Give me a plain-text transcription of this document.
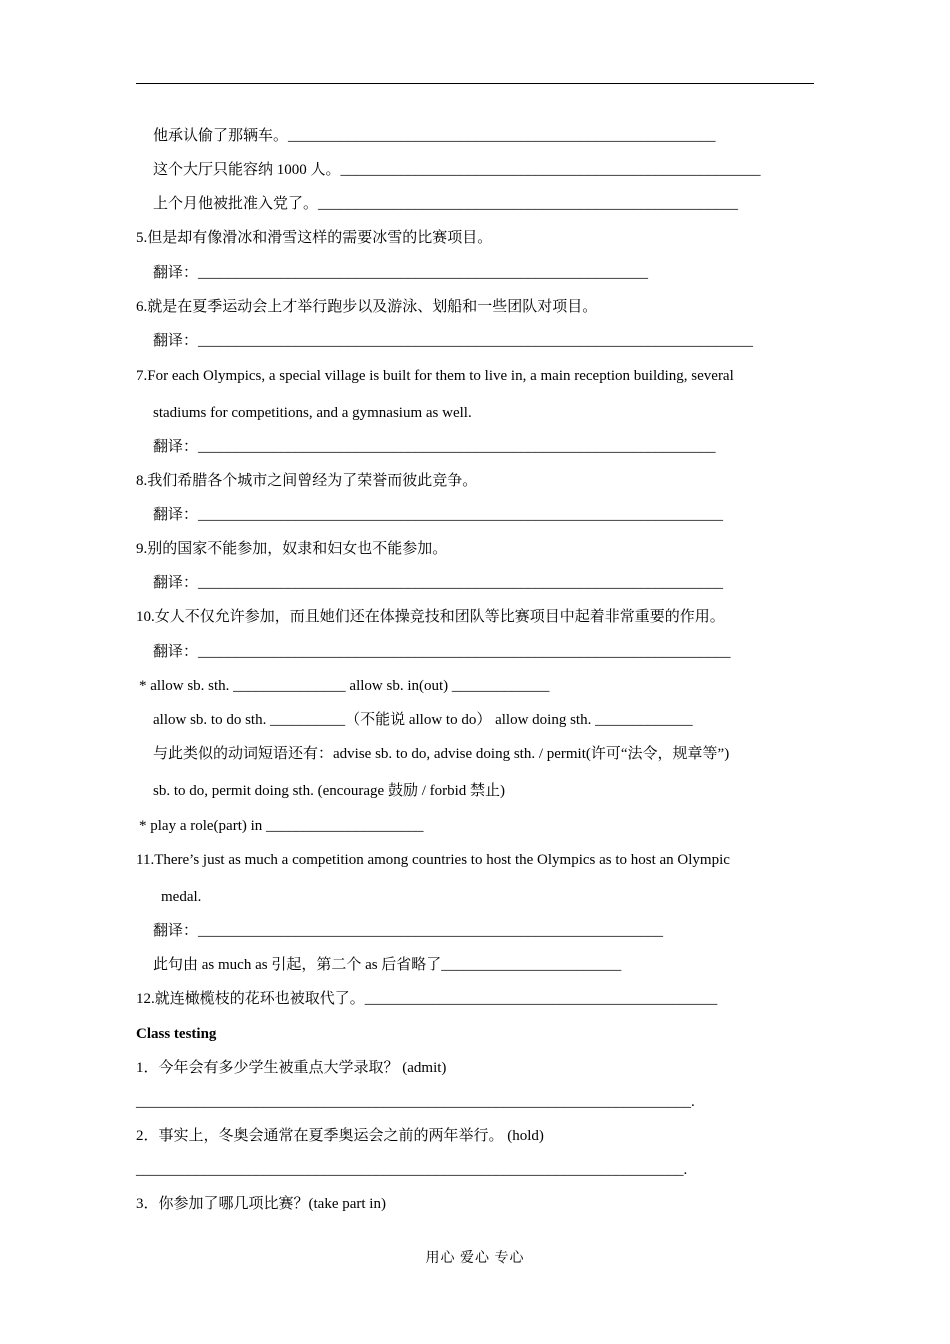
他承认偷了那辆车。_________________________________________________________
这个大厅只能容纳 1000 人。________________________________________________________
上个月他被批准入党了。________________________________________________________
5.但是却有像滑冰和滑雪这样的需要冰雪的比赛项目。
翻译：____________________________________________________________
6.就是在夏季运动会上才举行跑步以及游泳、划船和一些团队对项目。
翻译：__________________________________________________________________________
7.For each Olympics, a special village is built for them to live in, a main reception building, several
stadiums for competitions, and a gymnasium as well.
翻译：_____________________________________________________________________
8.我们希腊各个城市之间曾经为了荣誉而彼此竞争。
翻译：______________________________________________________________________
9.别的国家不能参加，奴隶和妇女也不能参加。
翻译：______________________________________________________________________
10.女人不仅允许参加，而且她们还在体操竞技和团队等比赛项目中起着非常重要的作用。
翻译：_______________________________________________________________________
* allow sb. sth. _______________ allow sb. in(out) _____________
allow sb. to do sth. __________（不能说 allow to do） allow doing sth. _____________
与此类似的动词短语还有：advise sb. to do, advise doing sth. / permit(许可“法令，规章等”)
sb. to do, permit doing sth. (encourage 鼓励 / forbid 禁止)
* play a role(part) in _____________________
11.There’s just as much a competition among countries to host the Olympics as to host an Olympic
medal.
翻译：______________________________________________________________
此句由 as much as 引起，第二个 as 后省略了________________________
12.就连橄榄枝的花环也被取代了。_______________________________________________
Class testing
1．今年会有多少学生被重点大学录取？ (admit)
__________________________________________________________________________.
2．事实上，冬奥会通常在夏季奥运会之前的两年举行。 (hold)
_________________________________________________________________________.
3．你参加了哪几项比赛？(take part in)
用心 爱心 专心
